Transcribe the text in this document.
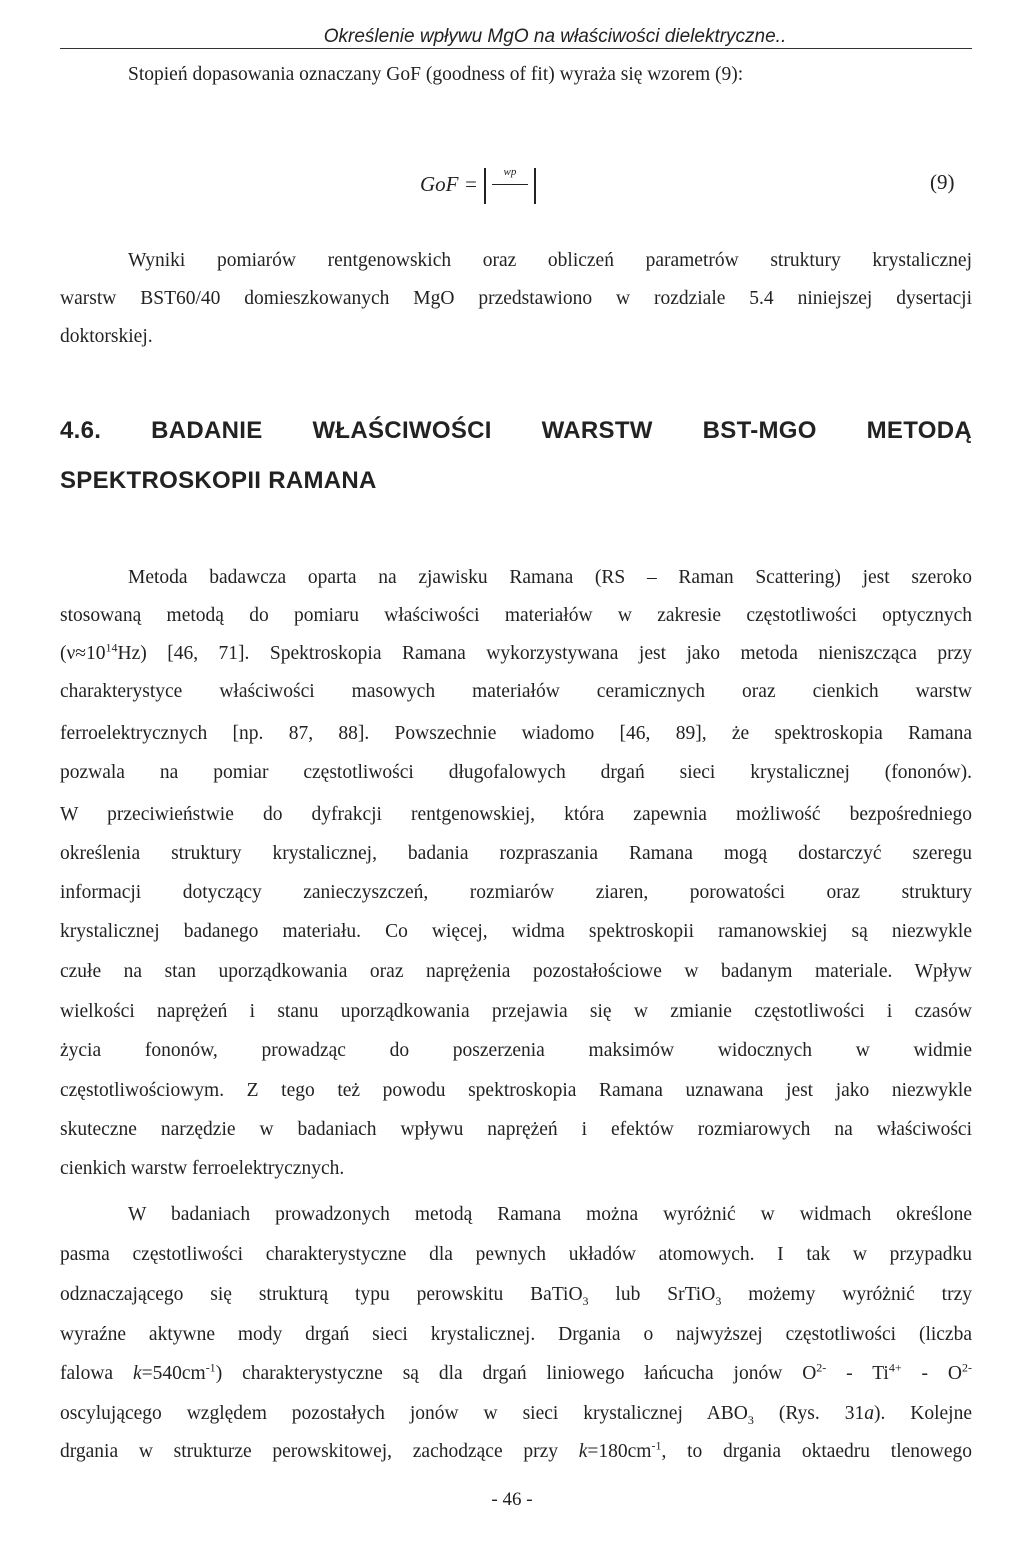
Określenie wpływu MgO na właściwości dielektryczne..
Stopień dopasowania oznaczany GoF (goodness of fit) wyraża się wzorem (9):
GoF =	wp	(9)
Wyniki pomiarów rentgenowskich oraz obliczeń parametrów struktury krystalicznej
warstw BST60/40 domieszkowanych MgO przedstawiono w rozdziale 5.4 niniejszej dysertacji
doktorskiej.
4.6. BADANIE WŁAŚCIWOŚCI WARSTW BST-MGO METODĄ
SPEKTROSKOPII RAMANA
Metoda badawcza oparta na zjawisku Ramana (RS – Raman Scattering) jest szeroko
stosowaną metodą do pomiaru właściwości materiałów w zakresie częstotliwości optycznych
$(\nu\approx 10^{14}Hz)$ [46, 71]. Spektroskopia Ramana wykorzystywana jest jako metoda nieniszcząca przy
charakterystyce właściwości masowych materiałów ceramicznych oraz cienkich warstw
ferroelektrycznych [np. 87, 88]. Powszechnie wiadomo [46, 89], że spektroskopia Ramana
pozwala na pomiar częstotliwości długofalowych drgań sieci krystalicznej (fononów).
W przeciwieństwie do dyfrakcji rentgenowskiej, która zapewnia możliwość bezpośredniego
określenia struktury krystalicznej, badania rozpraszania Ramana mogą dostarczyć szeregu
informacji dotyczący zanieczyszczeń, rozmiarów ziaren, porowatości oraz struktury
krystalicznej badanego materiału. Co więcej, widma spektroskopii ramanowskiej są niezwykle
czułe na stan uporządkowania oraz naprężenia pozostałościowe w badanym materiale. Wpływ
wielkości naprężeń i stanu uporządkowania przejawia się w zmianie częstotliwości i czasów
życia fononów, prowadząc do poszerzenia maksimów widocznych w widmie
częstotliwościowym. Z tego też powodu spektroskopia Ramana uznawana jest jako niezwykle
skuteczne narzędzie w badaniach wpływu naprężeń i efektów rozmiarowych na właściwości
cienkich warstw ferroelektrycznych.
W badaniach prowadzonych metodą Ramana można wyróżnić w widmach określone
pasma częstotliwości charakterystyczne dla pewnych układów atomowych. I tak w przypadku
odznaczającego się strukturą typu perowskitu BaTiO$_3$ lub SrTiO$_3$ możemy wyróżnić trzy
wyraźne aktywne mody drgań sieci krystalicznej. Drgania o najwyższej częstotliwości (liczba
falowa $k=540cm^{-1}$) charakterystyczne są dla drgań liniowego łańcucha jonów $O^{2-} - Ti^{4+} - O^{2-}$
oscylującego względem pozostałych jonów w sieci krystalicznej $ABO_3$ (Rys. 31a). Kolejne
drgania w strukturze perowskitowej, zachodzące przy $k=180cm^{-1}$, to drgania oktaedru tlenowego
- 46 -
